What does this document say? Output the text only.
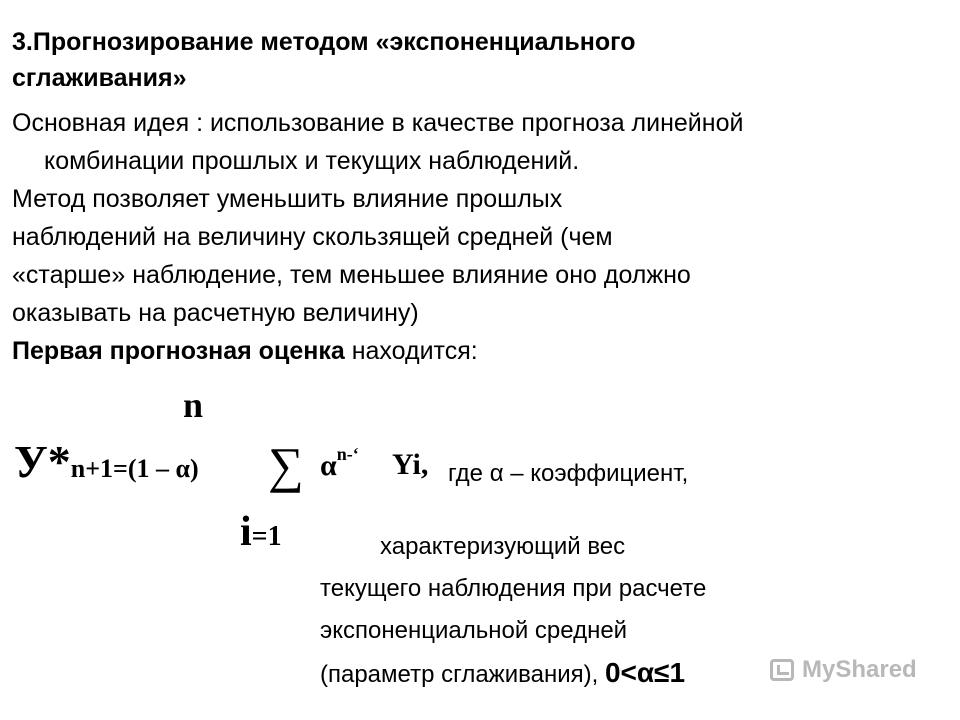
3.Прогнозирование методом «экспоненциального
сглаживания»

Основная идея : использование в качестве прогноза линейной

комбинации прошлых и текущих наблюдений.

Метод позволяет уменьшить влияние прошлых

наблюдений на величину скользящей средней (чем

«старше» наблюдение, тем меньшее влияние оно должно

оказывать на расчетную величину)

Первая прогнозная оценка находится:

n
У*n+1=(1 – α) ∑ $\alpha^{n-‘}$ Yi, где α – коэффициент,
i=1	характеризующий вес

текущего наблюдения при расчете

экспоненциальной средней

(параметр сглаживания), 0<α≤1	MyShared
